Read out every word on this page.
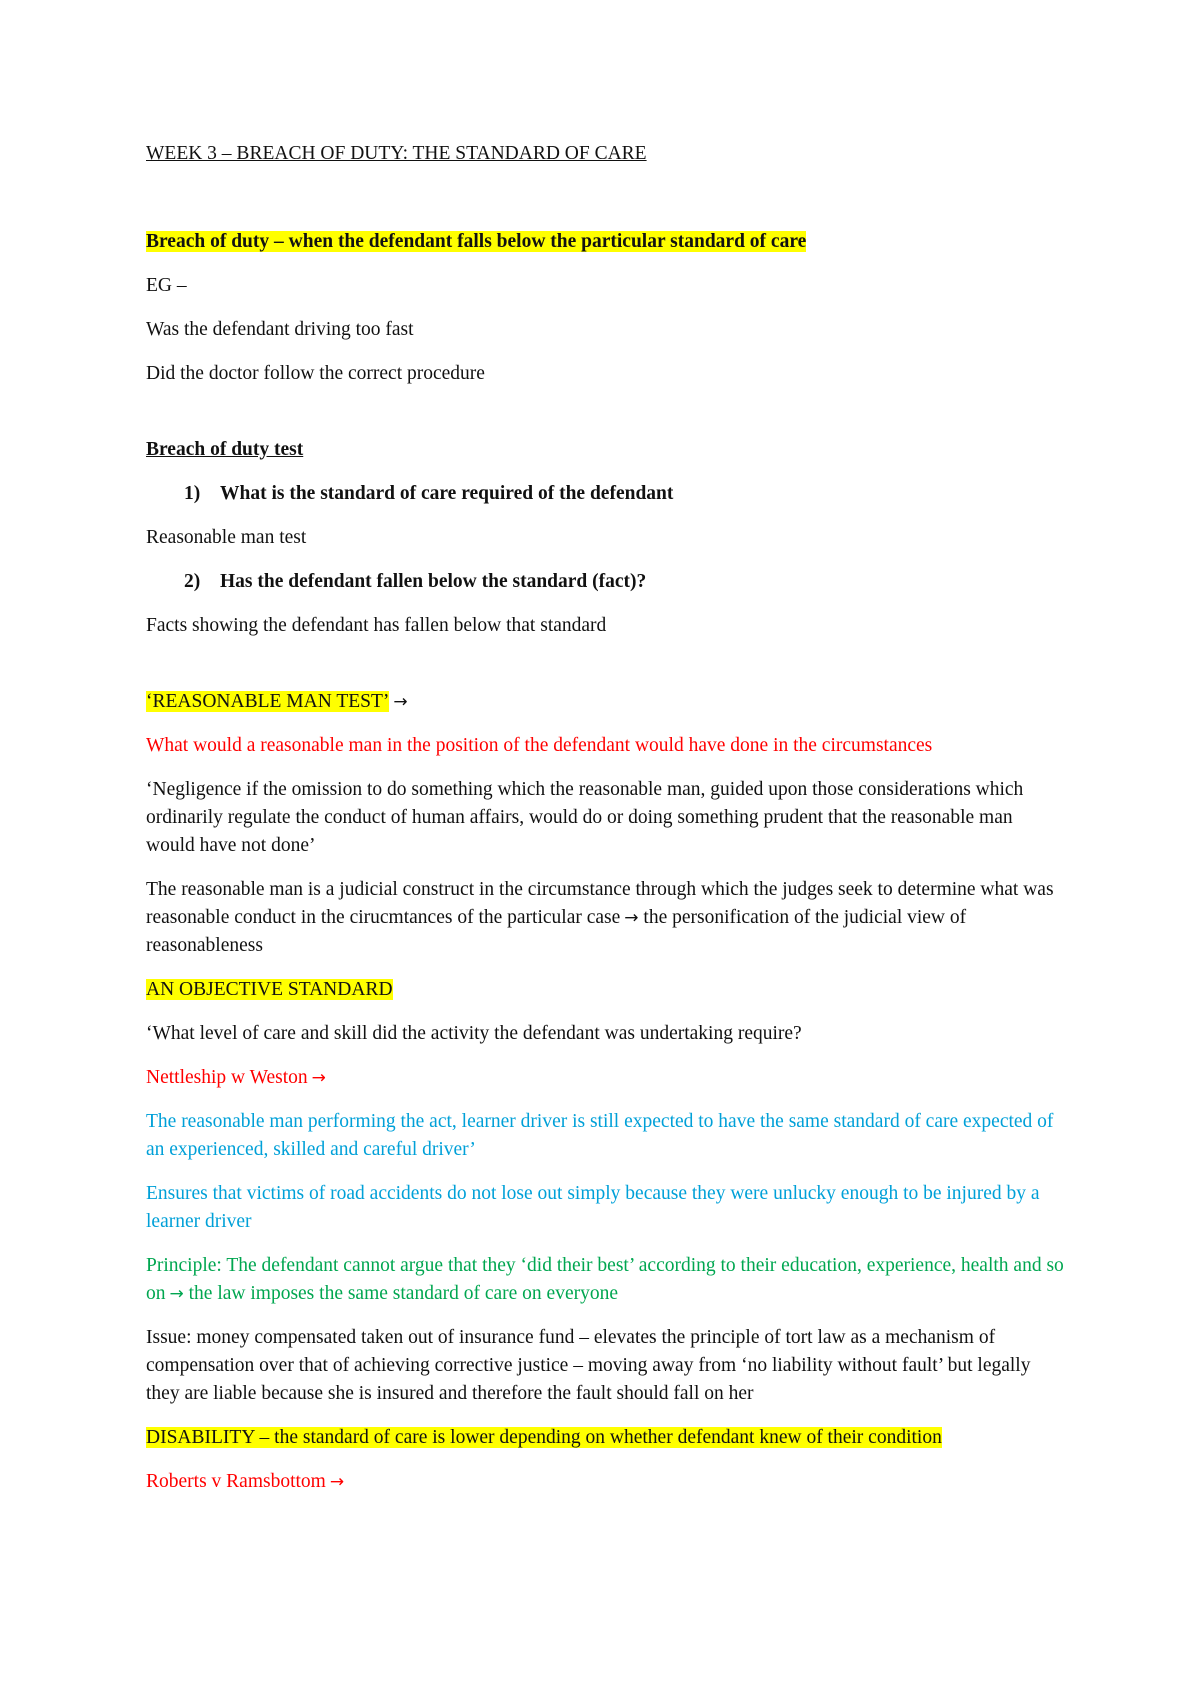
WEEK 3 – BREACH OF DUTY: THE STANDARD OF CARE

Breach of duty – when the defendant falls below the particular standard of care

EG –

Was the defendant driving too fast

Did the doctor follow the correct procedure

Breach of duty test

1)	What is the standard of care required of the defendant

Reasonable man test

2)	Has the defendant fallen below the standard (fact)?

Facts showing the defendant has fallen below that standard

‘REASONABLE MAN TEST’ →

What would a reasonable man in the position of the defendant would have done in the circumstances

‘Negligence if the omission to do something which the reasonable man, guided upon those considerations which ordinarily regulate the conduct of human affairs, would do or doing something prudent that the reasonable man would have not done’

The reasonable man is a judicial construct in the circumstance through which the judges seek to determine what was reasonable conduct in the cirucmtances of the particular case → the personification of the judicial view of reasonableness

AN OBJECTIVE STANDARD

‘What level of care and skill did the activity the defendant was undertaking require?

Nettleship w Weston →

The reasonable man performing the act, learner driver is still expected to have the same standard of care expected of an experienced, skilled and careful driver’

Ensures that victims of road accidents do not lose out simply because they were unlucky enough to be injured by a learner driver

Principle: The defendant cannot argue that they ‘did their best’ according to their education, experience, health and so on → the law imposes the same standard of care on everyone

Issue: money compensated taken out of insurance fund – elevates the principle of tort law as a mechanism of compensation over that of achieving corrective justice – moving away from ‘no liability without fault’ but legally they are liable because she is insured and therefore the fault should fall on her

DISABILITY – the standard of care is lower depending on whether defendant knew of their condition

Roberts v Ramsbottom →
